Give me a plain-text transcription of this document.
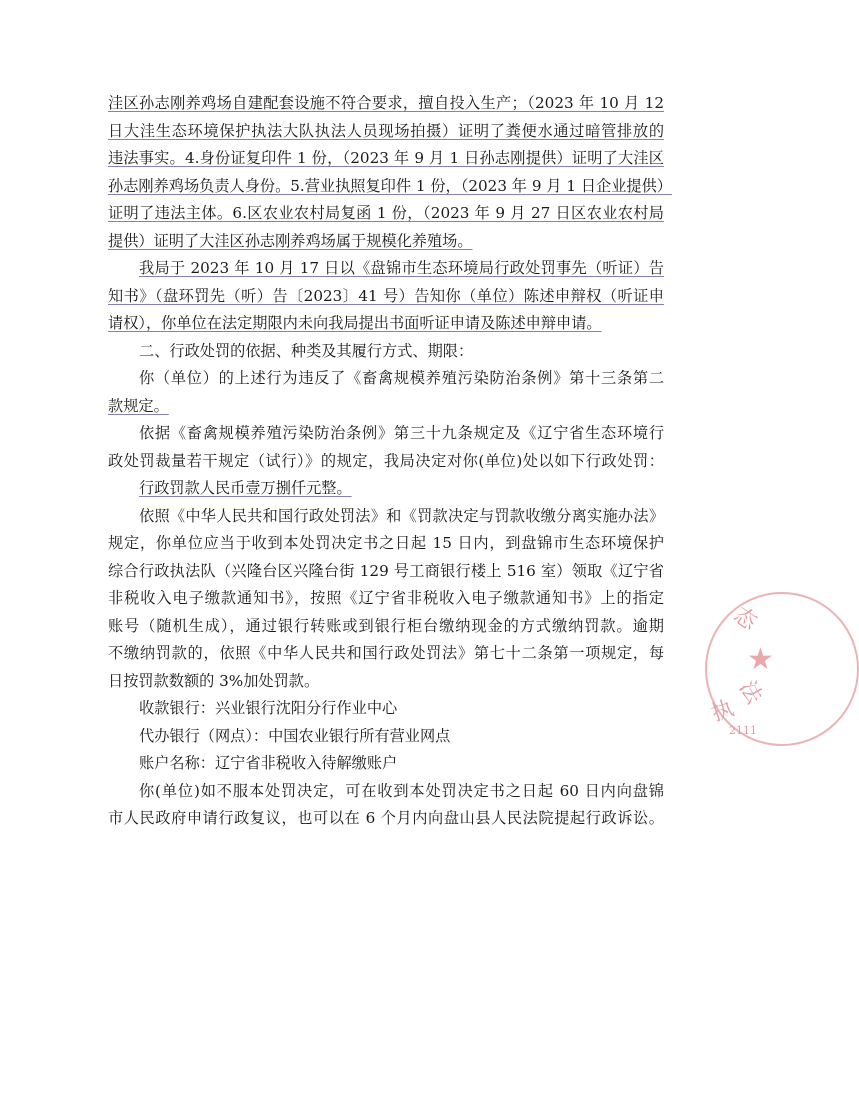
洼区孙志刚养鸡场自建配套设施不符合要求，擅自投入生产；（2023 年 10 月 12
日大洼生态环境保护执法大队执法人员现场拍摄）证明了粪便水通过暗管排放的
违法事实。4.身份证复印件 1 份，（2023 年 9 月 1 日孙志刚提供）证明了大洼区
孙志刚养鸡场负责人身份。5.营业执照复印件 1 份，（2023 年 9 月 1 日企业提供）
证明了违法主体。6.区农业农村局复函 1 份，（2023 年 9 月 27 日区农业农村局
提供）证明了大洼区孙志刚养鸡场属于规模化养殖场。
我局于 2023 年 10 月 17 日以《盘锦市生态环境局行政处罚事先（听证）告
知书》（盘环罚先（听）告〔2023〕41 号）告知你（单位）陈述申辩权（听证申
请权），你单位在法定期限内未向我局提出书面听证申请及陈述申辩申请。
二、行政处罚的依据、种类及其履行方式、期限：
你（单位）的上述行为违反了《畜禽规模养殖污染防治条例》第十三条第二
款规定。
依据《畜禽规模养殖污染防治条例》第三十九条规定及《辽宁省生态环境行
政处罚裁量若干规定（试行）》的规定，我局决定对你(单位)处以如下行政处罚：
行政罚款人民币壹万捌仟元整。
依照《中华人民共和国行政处罚法》和《罚款决定与罚款收缴分离实施办法》
规定，你单位应当于收到本处罚决定书之日起 15 日内，到盘锦市生态环境保护
综合行政执法队（兴隆台区兴隆台街 129 号工商银行楼上 516 室）领取《辽宁省
非税收入电子缴款通知书》，按照《辽宁省非税收入电子缴款通知书》上的指定
账号（随机生成），通过银行转账或到银行柜台缴纳现金的方式缴纳罚款。逾期
不缴纳罚款的，依照《中华人民共和国行政处罚法》第七十二条第一项规定，每
日按罚款数额的 3%加处罚款。
收款银行：兴业银行沈阳分行作业中心
代办银行（网点）：中国农业银行所有营业网点
账户名称：辽宁省非税收入待解缴账户
你(单位)如不服本处罚决定，可在收到本处罚决定书之日起 60 日内向盘锦
市人民政府申请行政复议，也可以在 6 个月内向盘山县人民法院提起行政诉讼。
态
★
执
法
2111
